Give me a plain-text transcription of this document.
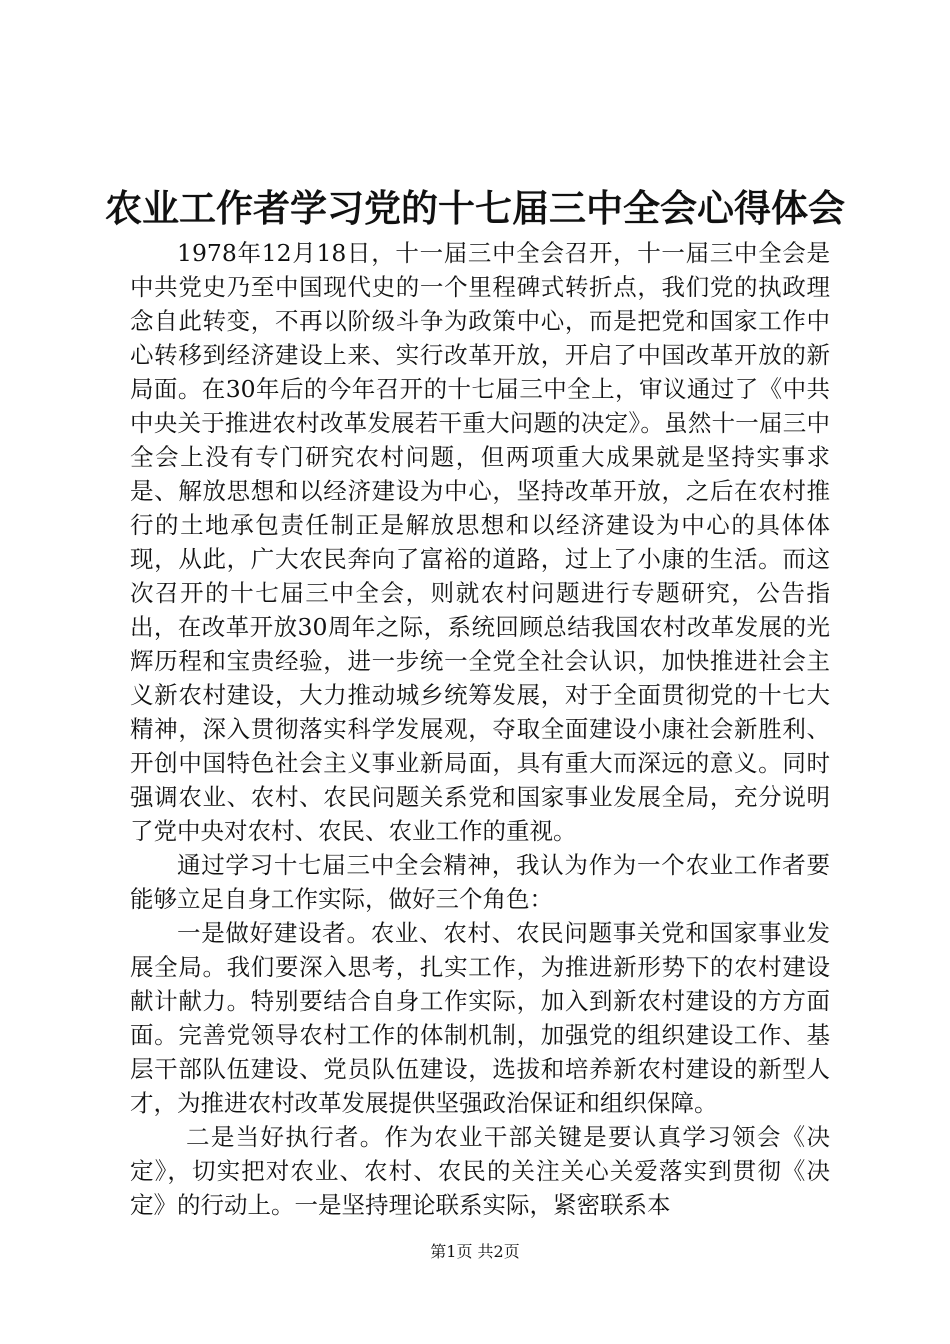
农业工作者学习党的十七届三中全会心得体会

1978年12月18日，十一届三中全会召开，十一届三中全会是中共党史乃至中国现代史的一个里程碑式转折点，我们党的执政理念自此转变，不再以阶级斗争为政策中心，而是把党和国家工作中心转移到经济建设上来、实行改革开放，开启了中国改革开放的新局面。在30年后的今年召开的十七届三中全上，审议通过了《中共中央关于推进农村改革发展若干重大问题的决定》。虽然十一届三中全会上没有专门研究农村问题，但两项重大成果就是坚持实事求是、解放思想和以经济建设为中心，坚持改革开放，之后在农村推行的土地承包责任制正是解放思想和以经济建设为中心的具体体现，从此，广大农民奔向了富裕的道路，过上了小康的生活。而这次召开的十七届三中全会，则就农村问题进行专题研究，公告指出，在改革开放30周年之际，系统回顾总结我国农村改革发展的光辉历程和宝贵经验，进一步统一全党全社会认识，加快推进社会主义新农村建设，大力推动城乡统筹发展，对于全面贯彻党的十七大精神，深入贯彻落实科学发展观，夺取全面建设小康社会新胜利、开创中国特色社会主义事业新局面，具有重大而深远的意义。同时强调农业、农村、农民问题关系党和国家事业发展全局，充分说明了党中央对农村、农民、农业工作的重视。

通过学习十七届三中全会精神，我认为作为一个农业工作者要能够立足自身工作实际，做好三个角色：

一是做好建设者。农业、农村、农民问题事关党和国家事业发展全局。我们要深入思考，扎实工作，为推进新形势下的农村建设献计献力。特别要结合自身工作实际，加入到新农村建设的方方面面。完善党领导农村工作的体制机制，加强党的组织建设工作、基层干部队伍建设、党员队伍建设，选拔和培养新农村建设的新型人才，为推进农村改革发展提供坚强政治保证和组织保障。

二是当好执行者。作为农业干部关键是要认真学习领会《决定》，切实把对农业、农村、农民的关注关心关爱落实到贯彻《决定》的行动上。一是坚持理论联系实际，紧密联系本

第1页 共2页
